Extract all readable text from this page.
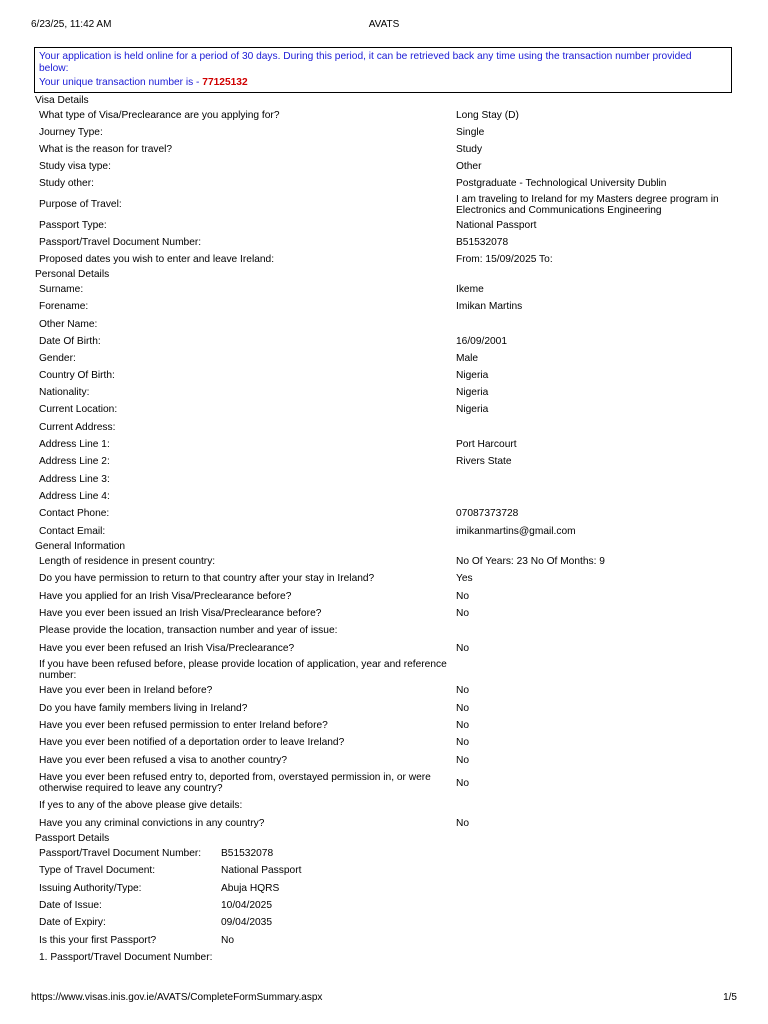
6/23/25, 11:42 AM	AVATS
Your application is held online for a period of 30 days. During this period, it can be retrieved back any time using the transaction number provided
below:
Your unique transaction number is - 77125132
Visa Details
What type of Visa/Preclearance are you applying for?	Long Stay (D)
Journey Type:	Single
What is the reason for travel?	Study
Study visa type:	Other
Study other:	Postgraduate - Technological University Dublin
Purpose of Travel:	I am traveling to Ireland for my Masters degree program in Electronics and Communications Engineering
Passport Type:	National Passport
Passport/Travel Document Number:	B51532078
Proposed dates you wish to enter and leave Ireland:	From: 15/09/2025 To:
Personal Details
Surname:	Ikeme
Forename:	Imikan Martins
Other Name:
Date Of Birth:	16/09/2001
Gender:	Male
Country Of Birth:	Nigeria
Nationality:	Nigeria
Current Location:	Nigeria
Current Address:
Address Line 1:	Port Harcourt
Address Line 2:	Rivers State
Address Line 3:
Address Line 4:
Contact Phone:	07087373728
Contact Email:	imikanmartins@gmail.com
General Information
Length of residence in present country:	No Of Years: 23 No Of Months: 9
Do you have permission to return to that country after your stay in Ireland?	Yes
Have you applied for an Irish Visa/Preclearance before?	No
Have you ever been issued an Irish Visa/Preclearance before?	No
Please provide the location, transaction number and year of issue:
Have you ever been refused an Irish Visa/Preclearance?	No
If you have been refused before, please provide location of application, year and reference number:
Have you ever been in Ireland before?	No
Do you have family members living in Ireland?	No
Have you ever been refused permission to enter Ireland before?	No
Have you ever been notified of a deportation order to leave Ireland?	No
Have you ever been refused a visa to another country?	No
Have you ever been refused entry to, deported from, overstayed permission in, or were otherwise required to leave any country?	No
If yes to any of the above please give details:
Have you any criminal convictions in any country?	No
Passport Details
Passport/Travel Document Number:	B51532078
Type of Travel Document:	National Passport
Issuing Authority/Type:	Abuja HQRS
Date of Issue:	10/04/2025
Date of Expiry:	09/04/2035
Is this your first Passport?	No
1. Passport/Travel Document Number:
https://www.visas.inis.gov.ie/AVATS/CompleteFormSummary.aspx	1/5
